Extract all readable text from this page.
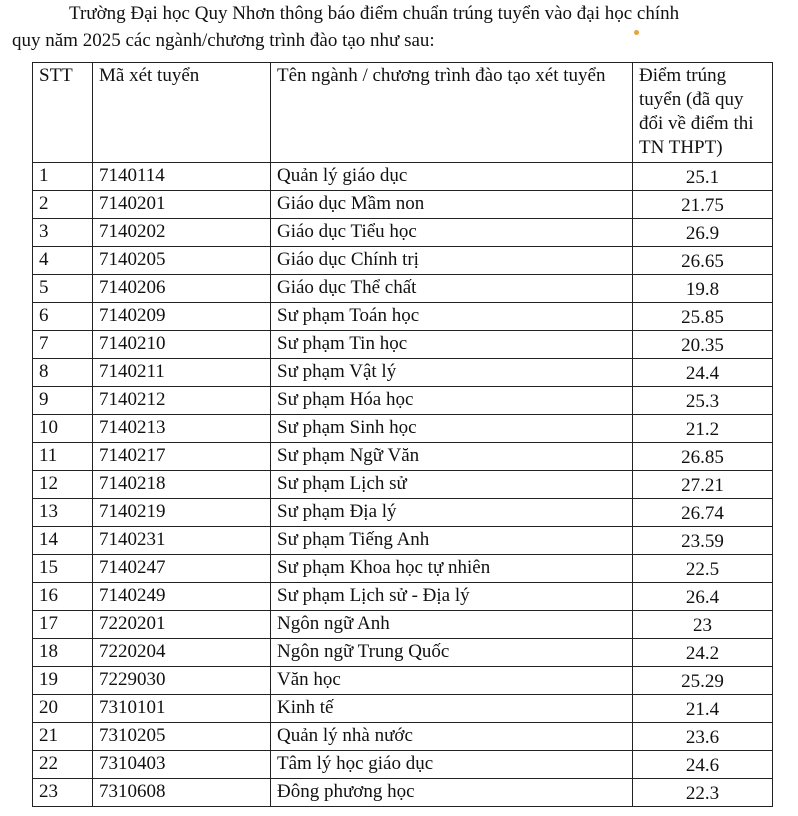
Trường Đại học Quy Nhơn thông báo điểm chuẩn trúng tuyển vào đại học chính
quy năm 2025 các ngành/chương trình đào tạo như sau:
STT	Mã xét tuyển	Tên ngành / chương trình đào tạo xét tuyển	Điểm trúng tuyển (đã quy đổi về điểm thi TN THPT)
1	7140114	Quản lý giáo dục	25.1
2	7140201	Giáo dục Mầm non	21.75
3	7140202	Giáo dục Tiểu học	26.9
4	7140205	Giáo dục Chính trị	26.65
5	7140206	Giáo dục Thể chất	19.8
6	7140209	Sư phạm Toán học	25.85
7	7140210	Sư phạm Tin học	20.35
8	7140211	Sư phạm Vật lý	24.4
9	7140212	Sư phạm Hóa học	25.3
10	7140213	Sư phạm Sinh học	21.2
11	7140217	Sư phạm Ngữ Văn	26.85
12	7140218	Sư phạm Lịch sử	27.21
13	7140219	Sư phạm Địa lý	26.74
14	7140231	Sư phạm Tiếng Anh	23.59
15	7140247	Sư phạm Khoa học tự nhiên	22.5
16	7140249	Sư phạm Lịch sử - Địa lý	26.4
17	7220201	Ngôn ngữ Anh	23
18	7220204	Ngôn ngữ Trung Quốc	24.2
19	7229030	Văn học	25.29
20	7310101	Kinh tế	21.4
21	7310205	Quản lý nhà nước	23.6
22	7310403	Tâm lý học giáo dục	24.6
23	7310608	Đông phương học	22.3
